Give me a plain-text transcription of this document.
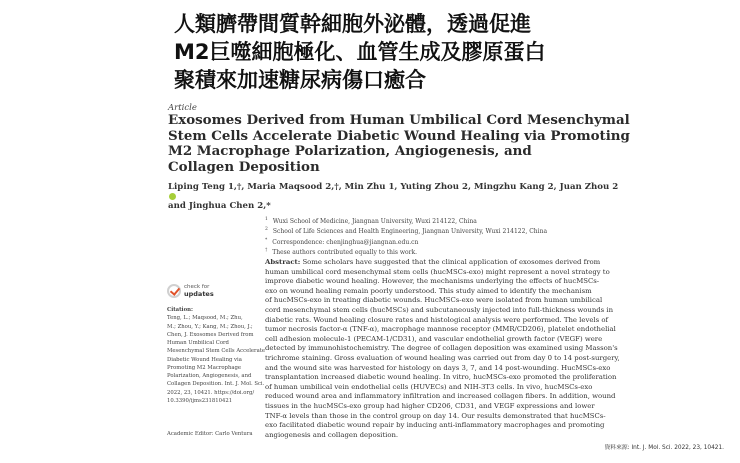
人類臍帶間質幹細胞外泌體，透過促進
M2巨噬細胞極化、血管生成及膠原蛋白
聚積來加速糖尿病傷口癒合
Article
Exosomes Derived from Human Umbilical Cord Mesenchymal
Stem Cells Accelerate Diabetic Wound Healing via Promoting
M2 Macrophage Polarization, Angiogenesis, and
Collagen Deposition
Liping Teng 1,†, Maria Maqsood 2,†, Min Zhu 1, Yuting Zhou 2, Mingzhu Kang 2, Juan Zhou 2
and Jinghua Chen 2,*
$^1$ Wuxi School of Medicine, Jiangnan University, Wuxi 214122, China
$^2$ School of Life Sciences and Health Engineering, Jiangnan University, Wuxi 214122, China
* Correspondence: chenjinghua@jiangnan.edu.cn
† These authors contributed equally to this work.
check for
updates
Citation:
Teng, L.; Maqsood, M.; Zhu,
M.; Zhou, Y.; Kang, M.; Zhou, J.;
Chen, J. Exosomes Derived from
Human Umbilical Cord
Mesenchymal Stem Cells Accelerate
Diabetic Wound Healing via
Promoting M2 Macrophage
Polarization, Angiogenesis, and
Collagen Deposition. Int. J. Mol. Sci.
2022, 23, 10421. https://doi.org/
10.3390/ijms231810421
Academic Editor: Carlo Ventura
Abstract: Some scholars have suggested that the clinical application of exosomes derived from
human umbilical cord mesenchymal stem cells (hucMSCs-exo) might represent a novel strategy to
improve diabetic wound healing. However, the mechanisms underlying the effects of hucMSCs-
exo on wound healing remain poorly understood. This study aimed to identify the mechanism
of hucMSCs-exo in treating diabetic wounds. HucMSCs-exo were isolated from human umbilical
cord mesenchymal stem cells (hucMSCs) and subcutaneously injected into full-thickness wounds in
diabetic rats. Wound healing closure rates and histological analysis were performed. The levels of
tumor necrosis factor-α (TNF-α), macrophage mannose receptor (MMR/CD206), platelet endothelial
cell adhesion molecule-1 (PECAM-1/CD31), and vascular endothelial growth factor (VEGF) were
detected by immunohistochemistry. The degree of collagen deposition was examined using Masson's
trichrome staining. Gross evaluation of wound healing was carried out from day 0 to 14 post-surgery,
and the wound site was harvested for histology on days 3, 7, and 14 post-wounding. HucMSCs-exo
transplantation increased diabetic wound healing. In vitro, hucMSCs-exo promoted the proliferation
of human umbilical vein endothelial cells (HUVECs) and NIH-3T3 cells. In vivo, hucMSCs-exo
reduced wound area and inflammatory infiltration and increased collagen fibers. In addition, wound
tissues in the hucMSCs-exo group had higher CD206, CD31, and VEGF expressions and lower
TNF-α levels than those in the control group on day 14. Our results demonstrated that hucMSCs-
exo facilitated diabetic wound repair by inducing anti-inflammatory macrophages and promoting
angiogenesis and collagen deposition.
資料來源: Int. J. Mol. Sci. 2022, 23, 10421.
